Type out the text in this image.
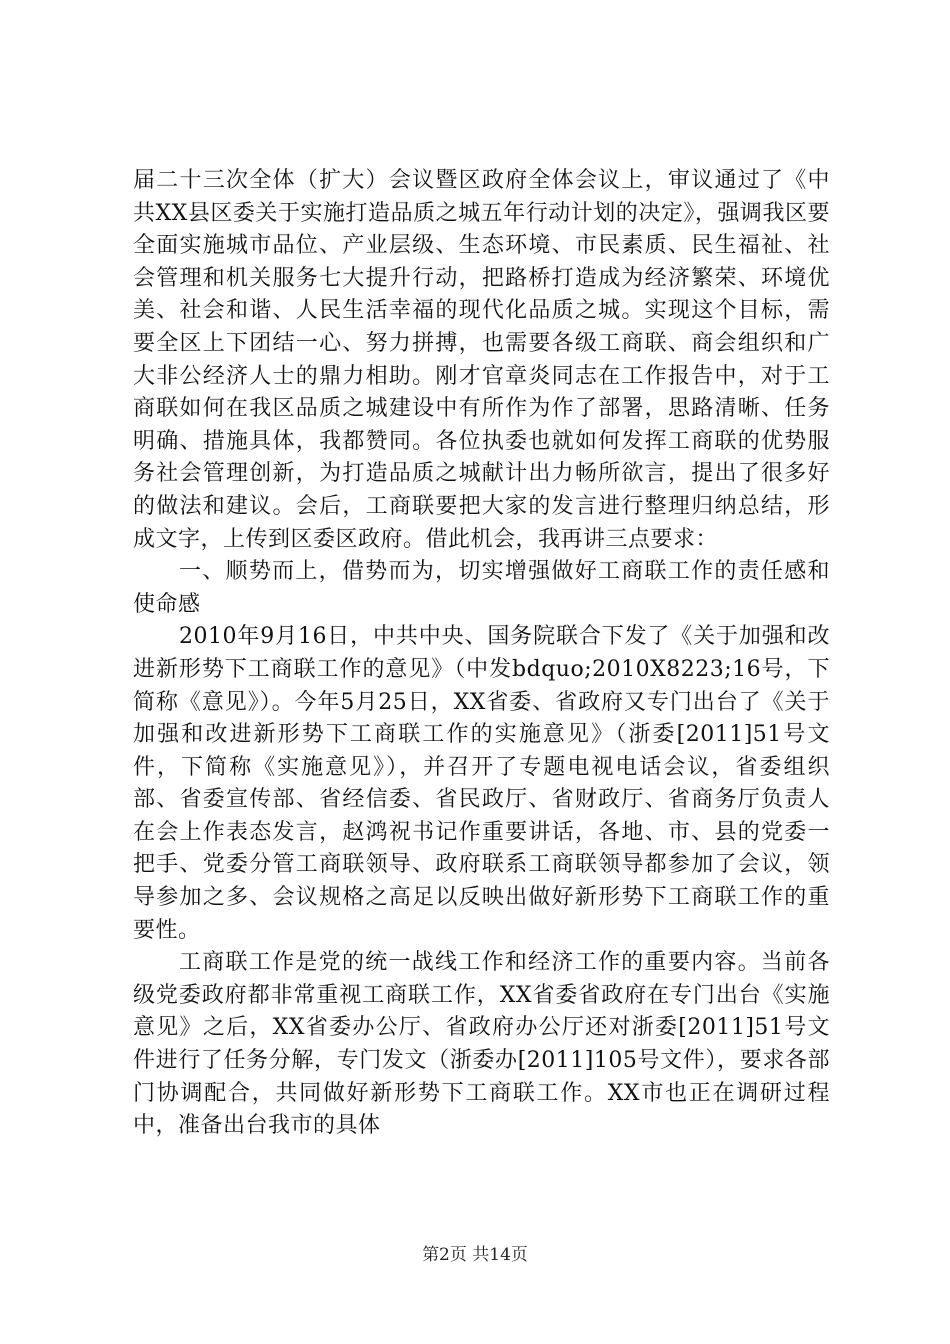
届二十三次全体（扩大）会议暨区政府全体会议上，审议通过了《中共XX县区委关于实施打造品质之城五年行动计划的决定》，强调我区要全面实施城市品位、产业层级、生态环境、市民素质、民生福祉、社会管理和机关服务七大提升行动，把路桥打造成为经济繁荣、环境优美、社会和谐、人民生活幸福的现代化品质之城。实现这个目标，需要全区上下团结一心、努力拼搏，也需要各级工商联、商会组织和广大非公经济人士的鼎力相助。刚才官章炎同志在工作报告中，对于工商联如何在我区品质之城建设中有所作为作了部署，思路清晰、任务明确、措施具体，我都赞同。各位执委也就如何发挥工商联的优势服务社会管理创新，为打造品质之城献计出力畅所欲言，提出了很多好的做法和建议。会后，工商联要把大家的发言进行整理归纳总结，形成文字，上传到区委区政府。借此机会，我再讲三点要求：

一、顺势而上，借势而为，切实增强做好工商联工作的责任感和使命感

2010年9月16日，中共中央、国务院联合下发了《关于加强和改进新形势下工商联工作的意见》（中发bdquo;2010X8223;16号，下简称《意见》）。今年5月25日，XX省委、省政府又专门出台了《关于加强和改进新形势下工商联工作的实施意见》（浙委[2011]51号文件，下简称《实施意见》），并召开了专题电视电话会议，省委组织部、省委宣传部、省经信委、省民政厅、省财政厅、省商务厅负责人在会上作表态发言，赵鸿祝书记作重要讲话，各地、市、县的党委一把手、党委分管工商联领导、政府联系工商联领导都参加了会议，领导参加之多、会议规格之高足以反映出做好新形势下工商联工作的重要性。

工商联工作是党的统一战线工作和经济工作的重要内容。当前各级党委政府都非常重视工商联工作，XX省委省政府在专门出台《实施意见》之后，XX省委办公厅、省政府办公厅还对浙委[2011]51号文件进行了任务分解，专门发文（浙委办[2011]105号文件），要求各部门协调配合，共同做好新形势下工商联工作。XX市也正在调研过程中，准备出台我市的具体

第2页 共14页
